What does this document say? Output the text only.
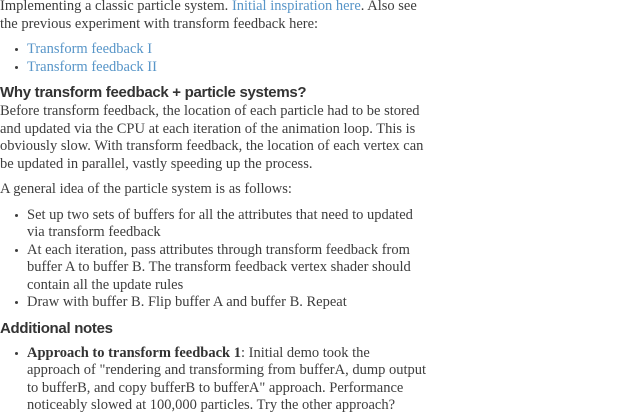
Implementing a classic particle system. Initial inspiration here. Also see
the previous experiment with transform feedback here:

Transform feedback I
Transform feedback II
Why transform feedback + particle systems?

Before transform feedback, the location of each particle had to be stored
and updated via the CPU at each iteration of the animation loop. This is
obviously slow. With transform feedback, the location of each vertex can
be updated in parallel, vastly speeding up the process.

A general idea of the particle system is as follows:

Set up two sets of buffers for all the attributes that need to updated
via transform feedback
At each iteration, pass attributes through transform feedback from
buffer A to buffer B. The transform feedback vertex shader should
contain all the update rules
Draw with buffer B. Flip buffer A and buffer B. Repeat
Additional notes
Approach to transform feedback 1: Initial demo took the
approach of "rendering and transforming from bufferA, dump output
to bufferB, and copy bufferB to bufferA" approach. Performance
noticeably slowed at 100,000 particles. Try the other approach?
